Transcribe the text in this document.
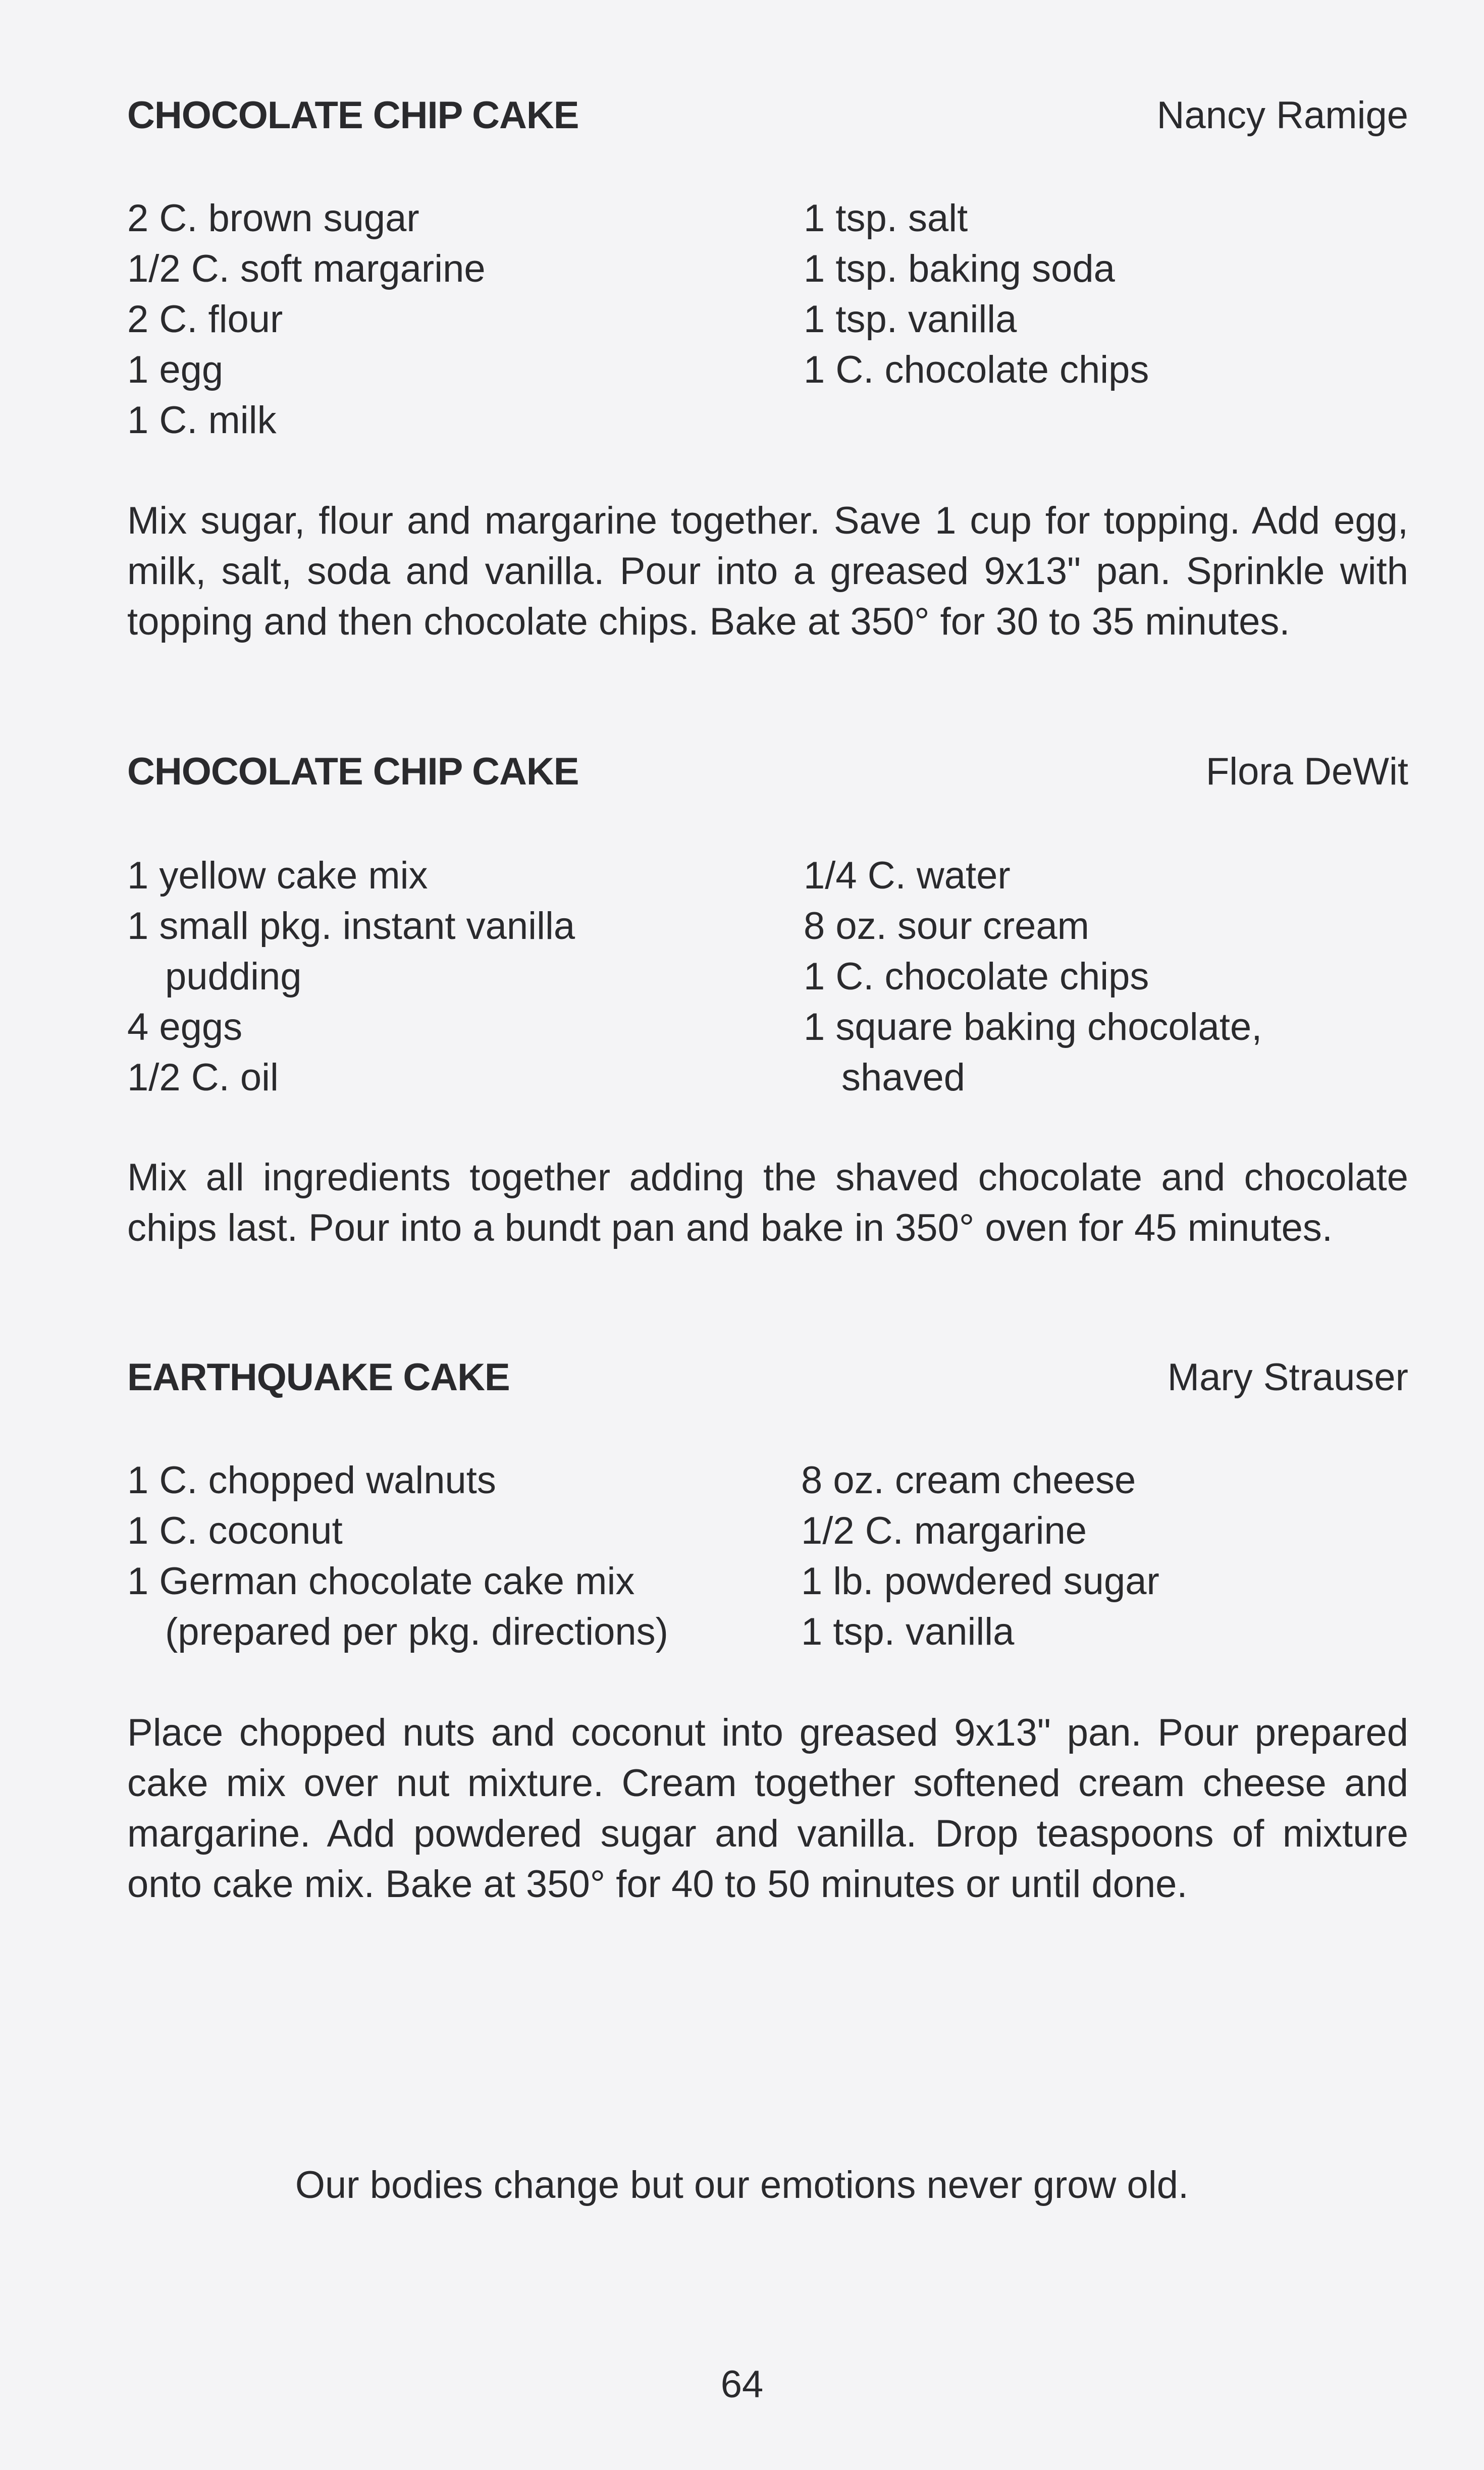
CHOCOLATE CHIP CAKE	Nancy Ramige
2 C. brown sugar
1/2 C. soft margarine
2 C. flour
1 egg
1 C. milk
1 tsp. salt
1 tsp. baking soda
1 tsp. vanilla
1 C. chocolate chips
Mix sugar, flour and margarine together. Save 1 cup for topping. Add egg, milk, salt, soda and vanilla. Pour into a greased 9x13" pan. Sprinkle with topping and then chocolate chips. Bake at 350° for 30 to 35 minutes.
CHOCOLATE CHIP CAKE	Flora DeWit
1 yellow cake mix
1 small pkg. instant vanilla
pudding
4 eggs
1/2 C. oil
1/4 C. water
8 oz. sour cream
1 C. chocolate chips
1 square baking chocolate,
shaved
Mix all ingredients together adding the shaved chocolate and chocolate chips last. Pour into a bundt pan and bake in 350° oven for 45 minutes.
EARTHQUAKE CAKE	Mary Strauser
1 C. chopped walnuts
1 C. coconut
1 German chocolate cake mix
(prepared per pkg. directions)
8 oz. cream cheese
1/2 C. margarine
1 lb. powdered sugar
1 tsp. vanilla
Place chopped nuts and coconut into greased 9x13" pan. Pour prepared cake mix over nut mixture. Cream together softened cream cheese and margarine. Add powdered sugar and vanilla. Drop teaspoons of mixture onto cake mix. Bake at 350° for 40 to 50 minutes or until done.
Our bodies change but our emotions never grow old.
64
